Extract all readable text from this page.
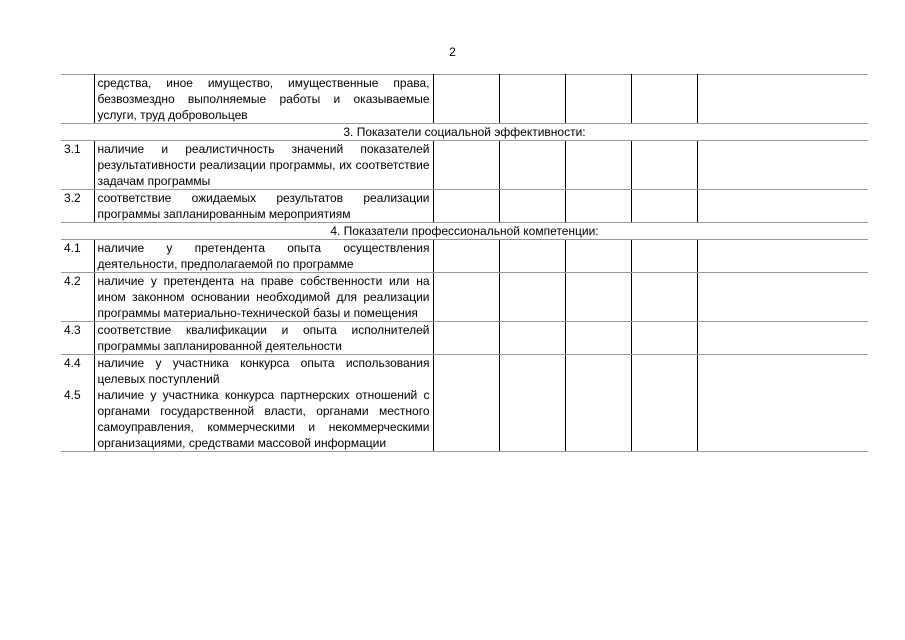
2
	средства, иное имущество, имущественные права, безвозмездно выполняемые работы и оказываемые услуги, труд добровольцев					
3. Показатели социальной эффективности:						
3.1	наличие и реалистичность значений показателей результативности реализации программы, их соответствие задачам программы					
3.2	соответствие ожидаемых результатов реализации программы запланированным мероприятиям					
4. Показатели профессиональной компетенции:						
4.1	наличие у претендента опыта осуществления деятельности, предполагаемой по программе					
4.2	наличие у претендента на праве собственности или на ином законном основании необходимой для реализации программы материально-технической базы и помещения					
4.3	соответствие квалификации и опыта исполнителей программы запланированной деятельности					
4.4	наличие у участника конкурса опыта использования целевых поступлений					
4.5	наличие у участника конкурса партнерских отношений с органами государственной власти, органами местного самоуправления, коммерческими и некоммерческими организациями, средствами массовой информации					
